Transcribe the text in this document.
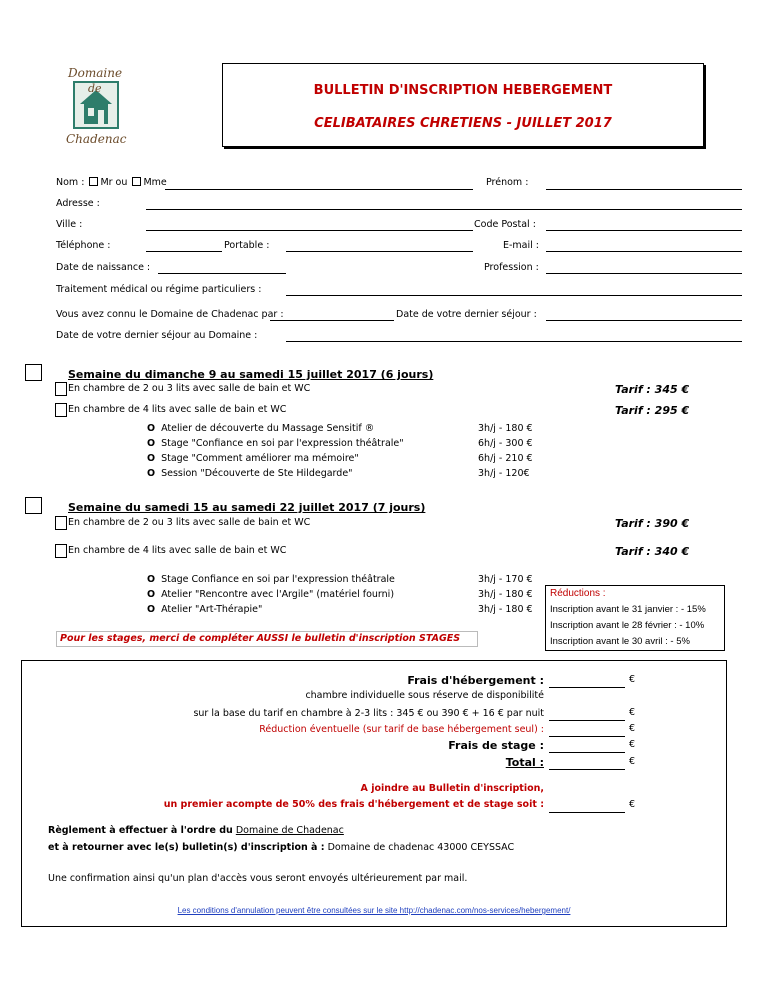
Domaine
de
Chadenac
BULLETIN D'INSCRIPTION HEBERGEMENT
CELIBATAIRES CHRETIENS - JUILLET 2017
Nom : Mr ou Mme	Prénom :
Adresse :
Ville :	Code Postal :
Téléphone :	Portable :	E-mail :
Date de naissance :	Profession :
Traitement médical ou régime particuliers :
Vous avez connu le Domaine de Chadenac par :	Date de votre dernier séjour :
Date de votre dernier séjour au Domaine :
Semaine du dimanche 9 au samedi 15 juillet 2017 (6 jours)
En chambre de 2 ou 3 lits avec salle de bain et WC	Tarif : 345 €
En chambre de 4 lits avec salle de bain et WC	Tarif : 295 €
O Atelier de découverte du Massage Sensitif ®	3h/j - 180 €
O Stage "Confiance en soi par l'expression théâtrale"	6h/j - 300 €
O Stage "Comment améliorer ma mémoire"	6h/j - 210 €
O Session "Découverte de Ste Hildegarde"	3h/j - 120€
Semaine du samedi 15 au samedi 22 juillet 2017 (7 jours)
En chambre de 2 ou 3 lits avec salle de bain et WC	Tarif : 390 €
En chambre de 4 lits avec salle de bain et WC	Tarif : 340 €
O Stage Confiance en soi par l'expression théâtrale	3h/j - 170 €
O Atelier "Rencontre avec l'Argile" (matériel fourni)	3h/j - 180 €
O Atelier "Art-Thérapie"	3h/j - 180 €
Réductions :
Inscription avant le 31 janvier : - 15%
Inscription avant le 28 février : - 10%
Inscription avant le 30 avril : - 5%
Pour les stages, merci de compléter AUSSI le bulletin d'inscription STAGES
Frais d'hébergement :	€
chambre individuelle sous réserve de disponibilité
sur la base du tarif en chambre à 2-3 lits : 345 € ou 390 € + 16 € par nuit	€
Réduction éventuelle (sur tarif de base hébergement seul) :	€
Frais de stage :	€
Total :	€
A joindre au Bulletin d'inscription,
un premier acompte de 50% des frais d'hébergement et de stage soit :	€
Règlement à effectuer à l'ordre du Domaine de Chadenac
et à retourner avec le(s) bulletin(s) d'inscription à : Domaine de chadenac 43000 CEYSSAC
Une confirmation ainsi qu'un plan d'accès vous seront envoyés ultérieurement par mail.
Les conditions d'annulation peuvent être consultées sur le site http://chadenac.com/nos-services/hebergement/
